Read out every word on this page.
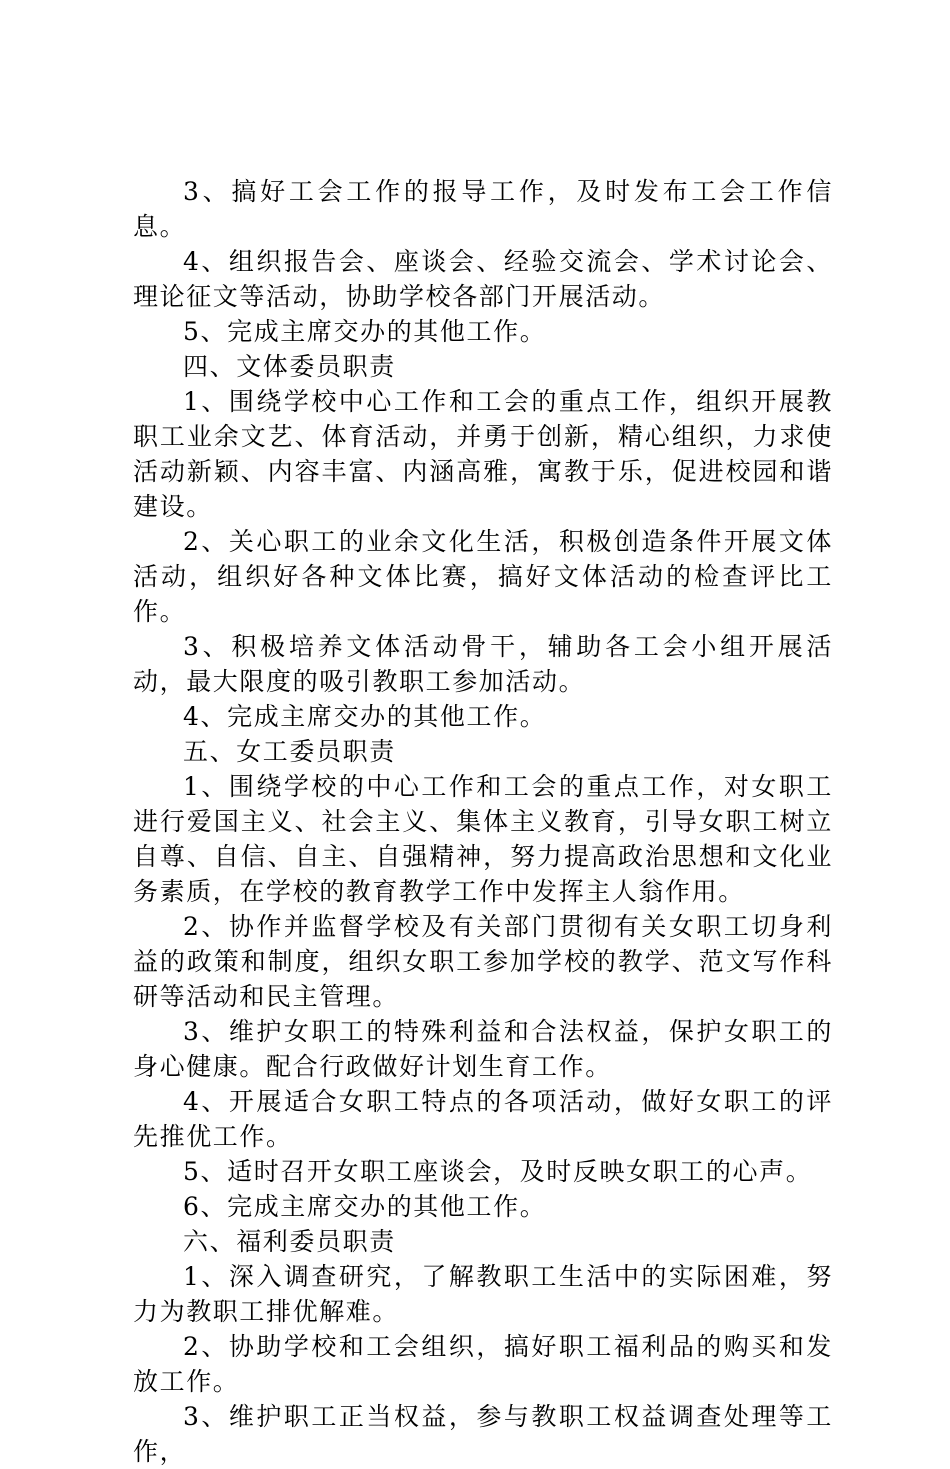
3、搞好工会工作的报导工作，及时发布工会工作信息。

4、组织报告会、座谈会、经验交流会、学术讨论会、理论征文等活动，协助学校各部门开展活动。

5、完成主席交办的其他工作。

四、文体委员职责

1、围绕学校中心工作和工会的重点工作，组织开展教职工业余文艺、体育活动，并勇于创新，精心组织，力求使活动新颖、内容丰富、内涵高雅，寓教于乐，促进校园和谐建设。

2、关心职工的业余文化生活，积极创造条件开展文体活动，组织好各种文体比赛，搞好文体活动的检查评比工作。

3、积极培养文体活动骨干，辅助各工会小组开展活动，最大限度的吸引教职工参加活动。

4、完成主席交办的其他工作。

五、女工委员职责

1、围绕学校的中心工作和工会的重点工作，对女职工进行爱国主义、社会主义、集体主义教育，引导女职工树立自尊、自信、自主、自强精神，努力提高政治思想和文化业务素质，在学校的教育教学工作中发挥主人翁作用。

2、协作并监督学校及有关部门贯彻有关女职工切身利益的政策和制度，组织女职工参加学校的教学、范文写作科研等活动和民主管理。

3、维护女职工的特殊利益和合法权益，保护女职工的身心健康。配合行政做好计划生育工作。

4、开展适合女职工特点的各项活动，做好女职工的评先推优工作。

5、适时召开女职工座谈会，及时反映女职工的心声。

6、完成主席交办的其他工作。

六、福利委员职责

1、深入调查研究，了解教职工生活中的实际困难，努力为教职工排优解难。

2、协助学校和工会组织，搞好职工福利品的购买和发放工作。

3、维护职工正当权益，参与教职工权益调查处理等工作，
